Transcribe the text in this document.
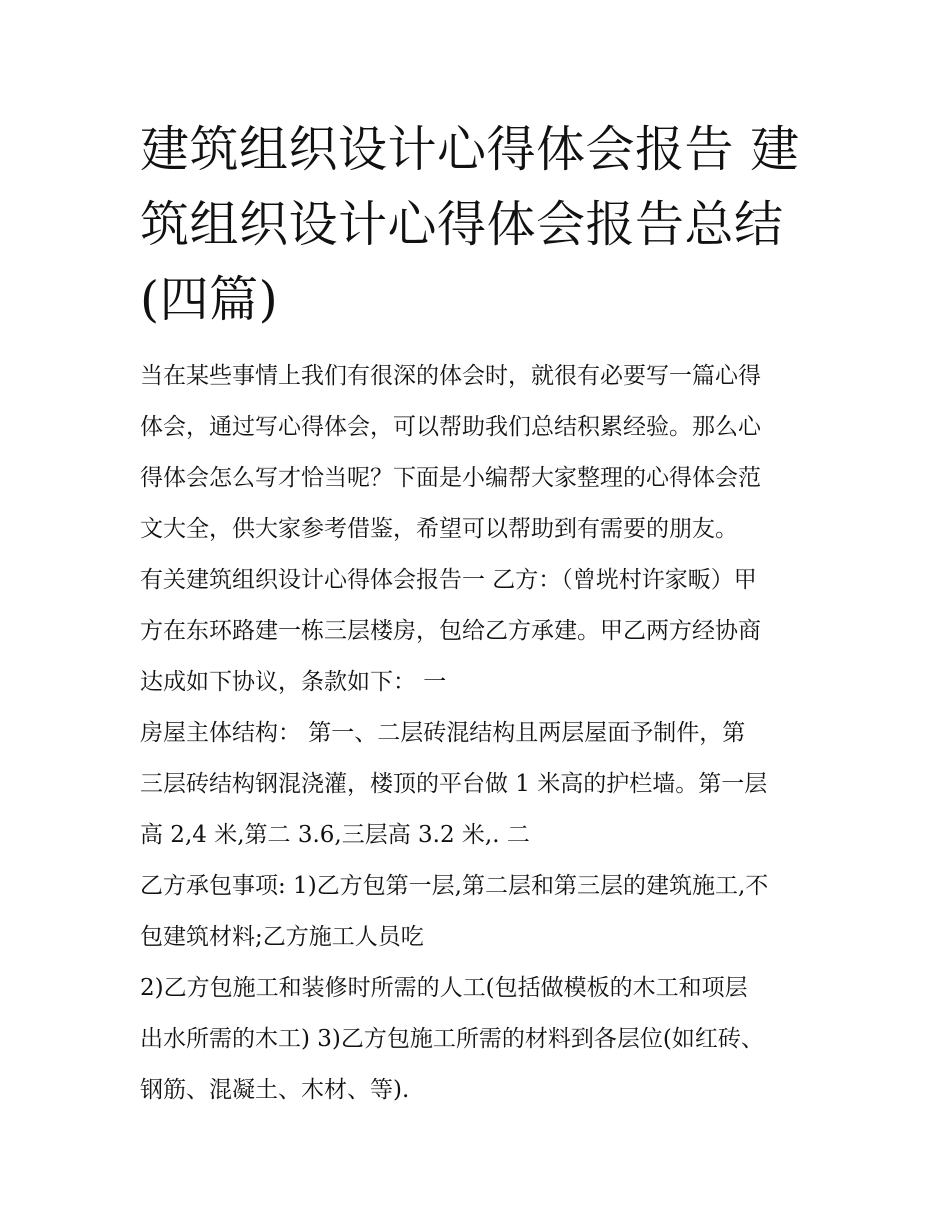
建筑组织设计心得体会报告 建
筑组织设计心得体会报告总结
(四篇)
当在某些事情上我们有很深的体会时，就很有必要写一篇心得
体会，通过写心得体会，可以帮助我们总结积累经验。那么心
得体会怎么写才恰当呢？下面是小编帮大家整理的心得体会范
文大全，供大家参考借鉴，希望可以帮助到有需要的朋友。
有关建筑组织设计心得体会报告一 乙方：（曾垙村许家畈）甲
方在东环路建一栋三层楼房，包给乙方承建。甲乙两方经协商
达成如下协议，条款如下： 一
房屋主体结构： 第一、二层砖混结构且两层屋面予制件，第
三层砖结构钢混浇灌，楼顶的平台做 1 米高的护栏墙。第一层
高 2,4 米,第二 3.6,三层高 3.2 米,. 二
乙方承包事项: 1)乙方包第一层,第二层和第三层的建筑施工,不
包建筑材料;乙方施工人员吃
2)乙方包施工和装修时所需的人工(包括做模板的木工和项层
出水所需的木工) 3)乙方包施工所需的材料到各层位(如红砖、
钢筋、混凝土、木材、等).
